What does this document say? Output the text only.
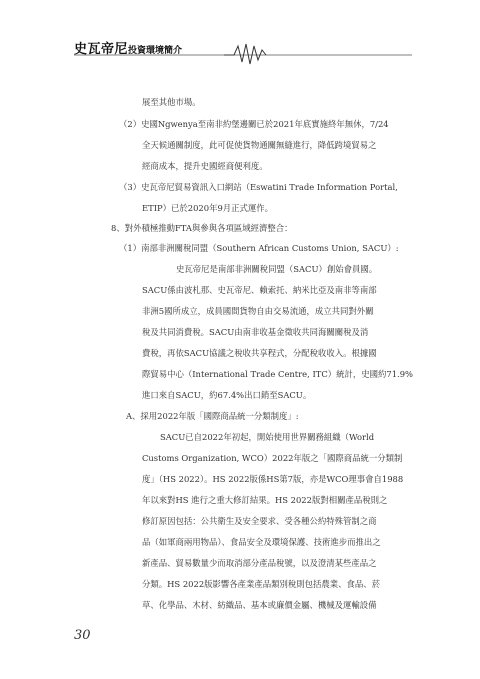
史瓦帝尼投資環境簡介
展至其他市場。
（2）史國Ngwenya至南非約堡邊關已於2021年底實施終年無休，7/24
全天候通關制度，此可促使貨物通關無縫進行，降低跨境貿易之
經商成本，提升史國經商便利度。
（3）史瓦帝尼貿易資訊入口網站（Eswatini Trade Information Portal,
ETIP）已於2020年9月正式運作。
8、對外積極推動FTA與參與各項區域經濟整合：
（1）南部非洲關稅同盟（Southern African Customs Union, SACU）:
史瓦帝尼是南部非洲關稅同盟（SACU）創始會員國。
SACU係由波札那、史瓦帝尼、賴索托、納米比亞及南非等南部
非洲5國所成立，成員國間貨物自由交易流通，成立共同對外關
稅及共同消費稅。SACU由南非收基金徵收共同海關關稅及消
費稅，再依SACU協議之稅收共享程式，分配稅收收入。根據國
際貿易中心（International Trade Centre, ITC）統計，史國約71.9%
進口來自SACU，約67.4%出口銷至SACU。
A、採用2022年版「國際商品統一分類制度」:
SACU已自2022年初起，開始使用世界關務組織（World
Customs Organization, WCO）2022年版之「國際商品統一分類制
度」（HS 2022）。HS 2022版係HS第7版，亦是WCO理事會自1988
年以來對HS 進行之重大修訂結果。HS 2022版對相關產品稅則之
修訂原因包括：公共衛生及安全要求、受各種公約特殊管制之商
品（如軍商兩用物品）、食品安全及環境保護、技術進步而推出之
新產品、貿易數量少而取消部分產品稅號，以及澄清某些產品之
分類。HS 2022版影響各產業產品類別稅則包括農業、食品、菸
草、化學品、木材、紡織品、基本或廉價金屬、機械及運輸設備
30
